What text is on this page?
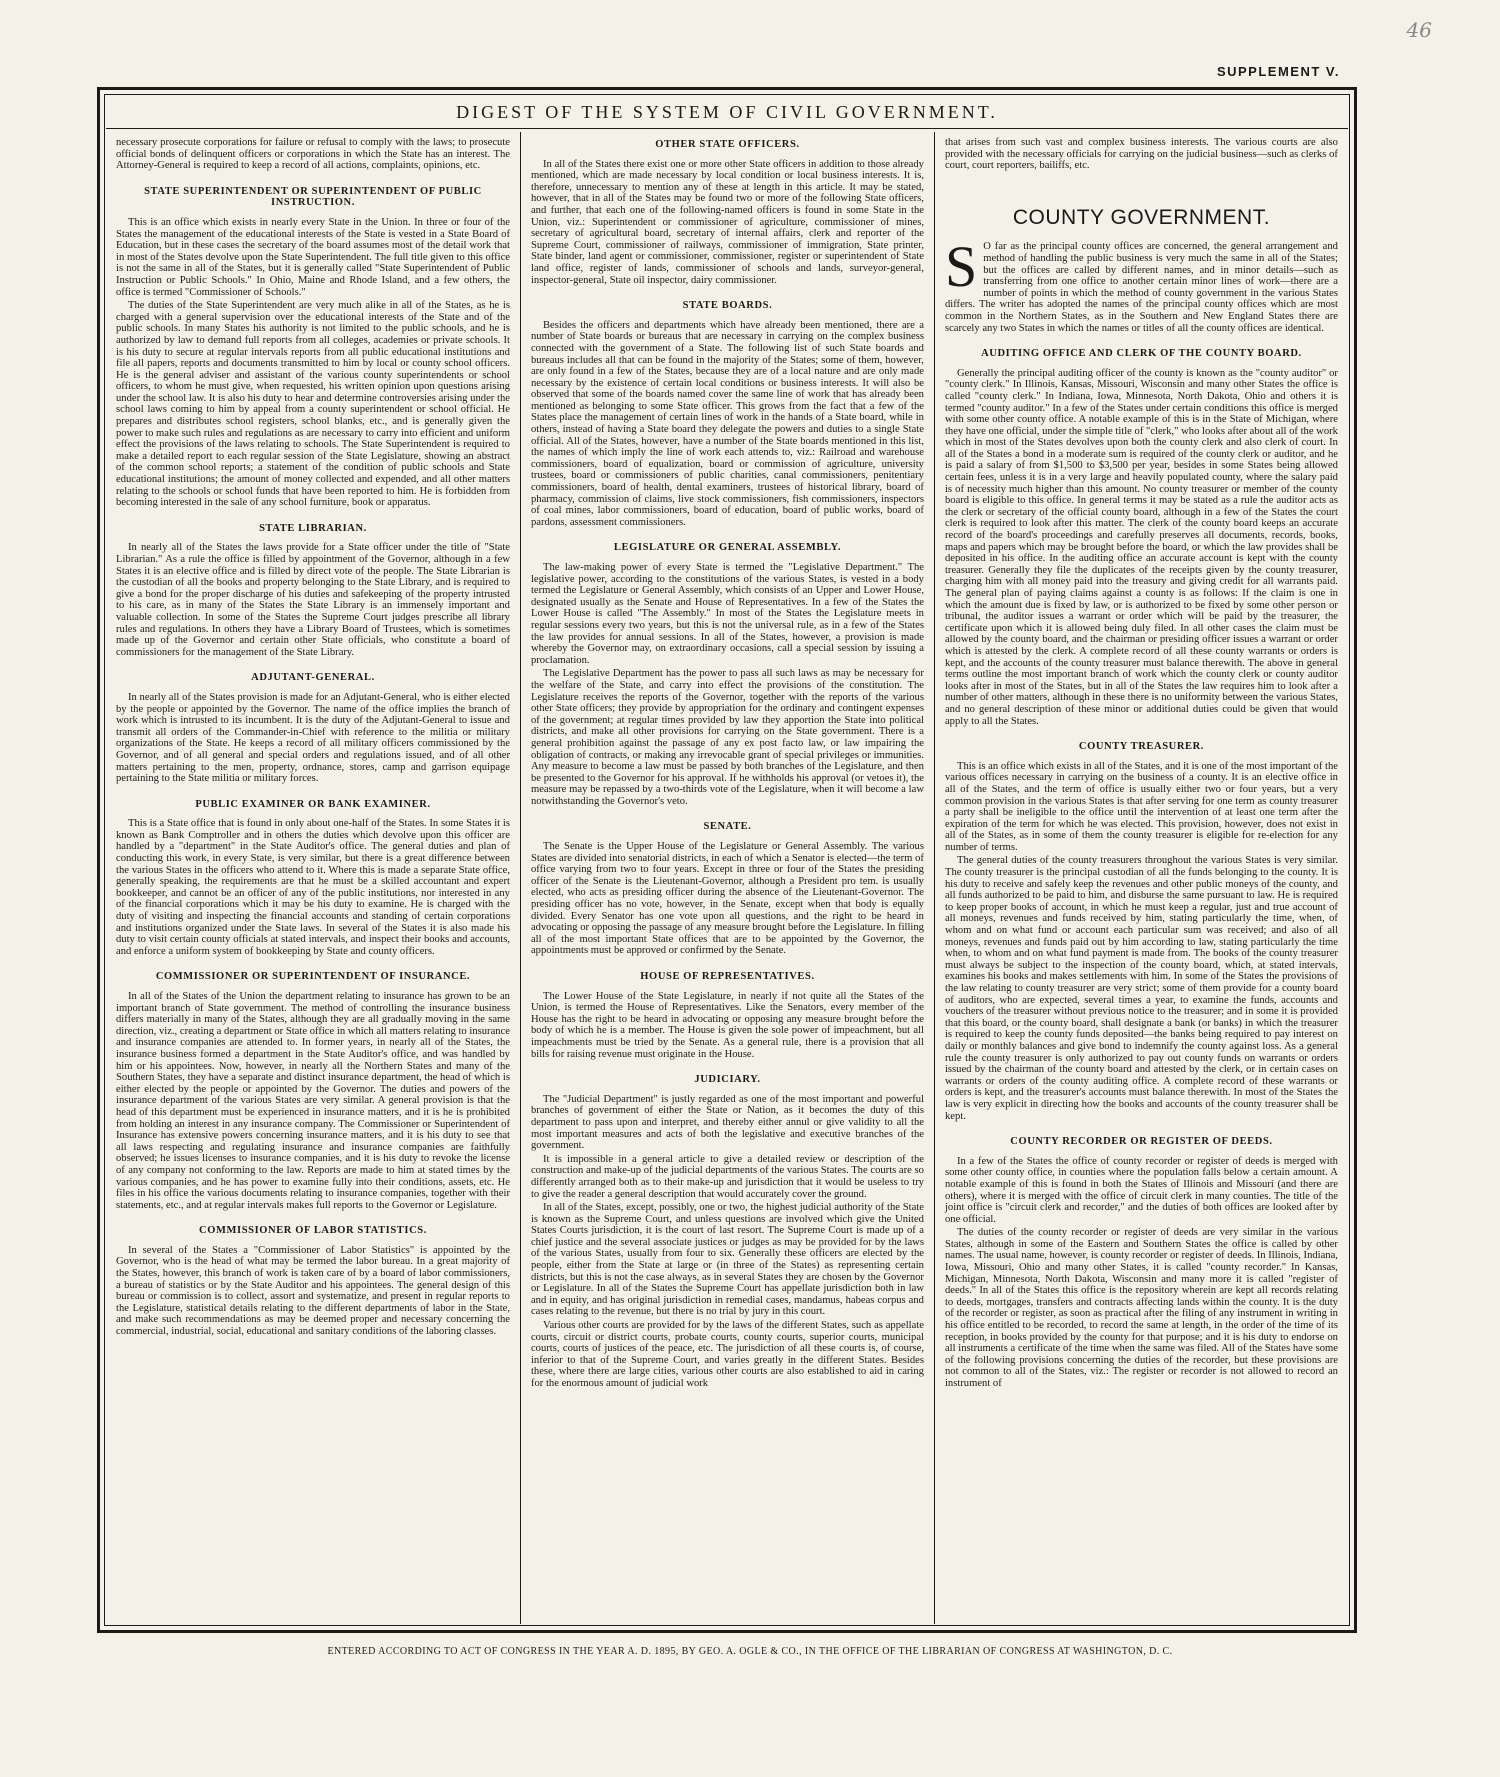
46
SUPPLEMENT V.
DIGEST OF THE SYSTEM OF CIVIL GOVERNMENT.

necessary prosecute corporations for failure or refusal to comply with the laws; to prosecute official bonds of delinquent officers or corporations in which the State has an interest. The Attorney-General is required to keep a record of all actions, complaints, opinions, etc.

STATE SUPERINTENDENT OR SUPERINTENDENT OF PUBLIC INSTRUCTION.

This is an office which exists in nearly every State in the Union. In three or four of the States the management of the educational interests of the State is vested in a State Board of Education, but in these cases the secretary of the board assumes most of the detail work that in most of the States devolve upon the State Superintendent. The full title given to this office is not the same in all of the States, but it is generally called "State Superintendent of Public Instruction or Public Schools." In Ohio, Maine and Rhode Island, and a few others, the office is termed "Commissioner of Schools."

The duties of the State Superintendent are very much alike in all of the States, as he is charged with a general supervision over the educational interests of the State and of the public schools. In many States his authority is not limited to the public schools, and he is authorized by law to demand full reports from all colleges, academies or private schools. It is his duty to secure at regular intervals reports from all public educational institutions and file all papers, reports and documents transmitted to him by local or county school officers. He is the general adviser and assistant of the various county superintendents or school officers, to whom he must give, when requested, his written opinion upon questions arising under the school law. It is also his duty to hear and determine controversies arising under the school laws coming to him by appeal from a county superintendent or school official. He prepares and distributes school registers, school blanks, etc., and is generally given the power to make such rules and regulations as are necessary to carry into efficient and uniform effect the provisions of the laws relating to schools. The State Superintendent is required to make a detailed report to each regular session of the State Legislature, showing an abstract of the common school reports; a statement of the condition of public schools and State educational institutions; the amount of money collected and expended, and all other matters relating to the schools or school funds that have been reported to him. He is forbidden from becoming interested in the sale of any school furniture, book or apparatus.

STATE LIBRARIAN.

In nearly all of the States the laws provide for a State officer under the title of "State Librarian." As a rule the office is filled by appointment of the Governor, although in a few States it is an elective office and is filled by direct vote of the people. The State Librarian is the custodian of all the books and property belonging to the State Library, and is required to give a bond for the proper discharge of his duties and safekeeping of the property intrusted to his care, as in many of the States the State Library is an immensely important and valuable collection. In some of the States the Supreme Court judges prescribe all library rules and regulations. In others they have a Library Board of Trustees, which is sometimes made up of the Governor and certain other State officials, who constitute a board of commissioners for the management of the State Library.

ADJUTANT-GENERAL.

In nearly all of the States provision is made for an Adjutant-General, who is either elected by the people or appointed by the Governor. The name of the office implies the branch of work which is intrusted to its incumbent. It is the duty of the Adjutant-General to issue and transmit all orders of the Commander-in-Chief with reference to the militia or military organizations of the State. He keeps a record of all military officers commissioned by the Governor, and of all general and special orders and regulations issued, and of all other matters pertaining to the men, property, ordnance, stores, camp and garrison equipage pertaining to the State militia or military forces.

PUBLIC EXAMINER OR BANK EXAMINER.

This is a State office that is found in only about one-half of the States. In some States it is known as Bank Comptroller and in others the duties which devolve upon this officer are handled by a "department" in the State Auditor's office. The general duties and plan of conducting this work, in every State, is very similar, but there is a great difference between the various States in the officers who attend to it. Where this is made a separate State office, generally speaking, the requirements are that he must be a skilled accountant and expert bookkeeper, and cannot be an officer of any of the public institutions, nor interested in any of the financial corporations which it may be his duty to examine. He is charged with the duty of visiting and inspecting the financial accounts and standing of certain corporations and institutions organized under the State laws. In several of the States it is also made his duty to visit certain county officials at stated intervals, and inspect their books and accounts, and enforce a uniform system of bookkeeping by State and county officers.

COMMISSIONER OR SUPERINTENDENT OF INSURANCE.

In all of the States of the Union the department relating to insurance has grown to be an important branch of State government. The method of controlling the insurance business differs materially in many of the States, although they are all gradually moving in the same direction, viz., creating a department or State office in which all matters relating to insurance and insurance companies are attended to. In former years, in nearly all of the States, the insurance business formed a department in the State Auditor's office, and was handled by him or his appointees. Now, however, in nearly all the Northern States and many of the Southern States, they have a separate and distinct insurance department, the head of which is either elected by the people or appointed by the Governor. The duties and powers of the insurance department of the various States are very similar. A general provision is that the head of this department must be experienced in insurance matters, and it is he is prohibited from holding an interest in any insurance company. The Commissioner or Superintendent of Insurance has extensive powers concerning insurance matters, and it is his duty to see that all laws respecting and regulating insurance and insurance companies are faithfully observed; he issues licenses to insurance companies, and it is his duty to revoke the license of any company not conforming to the law. Reports are made to him at stated times by the various companies, and he has power to examine fully into their conditions, assets, etc. He files in his office the various documents relating to insurance companies, together with their statements, etc., and at regular intervals makes full reports to the Governor or Legislature.

COMMISSIONER OF LABOR STATISTICS.

In several of the States a "Commissioner of Labor Statistics" is appointed by the Governor, who is the head of what may be termed the labor bureau. In a great majority of the States, however, this branch of work is taken care of by a board of labor commissioners, a bureau of statistics or by the State Auditor and his appointees. The general design of this bureau or commission is to collect, assort and systematize, and present in regular reports to the Legislature, statistical details relating to the different departments of labor in the State, and make such recommendations as may be deemed proper and necessary concerning the commercial, industrial, social, educational and sanitary conditions of the laboring classes.

OTHER STATE OFFICERS.

In all of the States there exist one or more other State officers in addition to those already mentioned, which are made necessary by local condition or local business interests. It is, therefore, unnecessary to mention any of these at length in this article. It may be stated, however, that in all of the States may be found two or more of the following State officers, and further, that each one of the following-named officers is found in some State in the Union, viz.: Superintendent or commissioner of agriculture, commissioner of mines, secretary of agricultural board, secretary of internal affairs, clerk and reporter of the Supreme Court, commissioner of railways, commissioner of immigration, State printer, State binder, land agent or commissioner, commissioner, register or superintendent of State land office, register of lands, commissioner of schools and lands, surveyor-general, inspector-general, State oil inspector, dairy commissioner.

STATE BOARDS.

Besides the officers and departments which have already been mentioned, there are a number of State boards or bureaus that are necessary in carrying on the complex business connected with the government of a State. The following list of such State boards and bureaus includes all that can be found in the majority of the States; some of them, however, are only found in a few of the States, because they are of a local nature and are only made necessary by the existence of certain local conditions or business interests. It will also be observed that some of the boards named cover the same line of work that has already been mentioned as belonging to some State officer. This grows from the fact that a few of the States place the management of certain lines of work in the hands of a State board, while in others, instead of having a State board they delegate the powers and duties to a single State official. All of the States, however, have a number of the State boards mentioned in this list, the names of which imply the line of work each attends to, viz.: Railroad and warehouse commissioners, board of equalization, board or commission of agriculture, university trustees, board or commissioners of public charities, canal commissioners, penitentiary commissioners, board of health, dental examiners, trustees of historical library, board of pharmacy, commission of claims, live stock commissioners, fish commissioners, inspectors of coal mines, labor commissioners, board of education, board of public works, board of pardons, assessment commissioners.

LEGISLATURE OR GENERAL ASSEMBLY.

The law-making power of every State is termed the "Legislative Department." The legislative power, according to the constitutions of the various States, is vested in a body termed the Legislature or General Assembly, which consists of an Upper and Lower House, designated usually as the Senate and House of Representatives. In a few of the States the Lower House is called "The Assembly." In most of the States the Legislature meets in regular sessions every two years, but this is not the universal rule, as in a few of the States the law provides for annual sessions. In all of the States, however, a provision is made whereby the Governor may, on extraordinary occasions, call a special session by issuing a proclamation.

The Legislative Department has the power to pass all such laws as may be necessary for the welfare of the State, and carry into effect the provisions of the constitution. The Legislature receives the reports of the Governor, together with the reports of the various other State officers; they provide by appropriation for the ordinary and contingent expenses of the government; at regular times provided by law they apportion the State into political districts, and make all other provisions for carrying on the State government. There is a general prohibition against the passage of any ex post facto law, or law impairing the obligation of contracts, or making any irrevocable grant of special privileges or immunities. Any measure to become a law must be passed by both branches of the Legislature, and then be presented to the Governor for his approval. If he withholds his approval (or vetoes it), the measure may be repassed by a two-thirds vote of the Legislature, when it will become a law notwithstanding the Governor's veto.

SENATE.

The Senate is the Upper House of the Legislature or General Assembly. The various States are divided into senatorial districts, in each of which a Senator is elected—the term of office varying from two to four years. Except in three or four of the States the presiding officer of the Senate is the Lieutenant-Governor, although a President pro tem. is usually elected, who acts as presiding officer during the absence of the Lieutenant-Governor. The presiding officer has no vote, however, in the Senate, except when that body is equally divided. Every Senator has one vote upon all questions, and the right to be heard in advocating or opposing the passage of any measure brought before the Legislature. In filling all of the most important State offices that are to be appointed by the Governor, the appointments must be approved or confirmed by the Senate.

HOUSE OF REPRESENTATIVES.

The Lower House of the State Legislature, in nearly if not quite all the States of the Union, is termed the House of Representatives. Like the Senators, every member of the House has the right to be heard in advocating or opposing any measure brought before the body of which he is a member. The House is given the sole power of impeachment, but all impeachments must be tried by the Senate. As a general rule, there is a provision that all bills for raising revenue must originate in the House.

JUDICIARY.

The "Judicial Department" is justly regarded as one of the most important and powerful branches of government of either the State or Nation, as it becomes the duty of this department to pass upon and interpret, and thereby either annul or give validity to all the most important measures and acts of both the legislative and executive branches of the government.

It is impossible in a general article to give a detailed review or description of the construction and make-up of the judicial departments of the various States. The courts are so differently arranged both as to their make-up and jurisdiction that it would be useless to try to give the reader a general description that would accurately cover the ground.

In all of the States, except, possibly, one or two, the highest judicial authority of the State is known as the Supreme Court, and unless questions are involved which give the United States Courts jurisdiction, it is the court of last resort. The Supreme Court is made up of a chief justice and the several associate justices or judges as may be provided for by the laws of the various States, usually from four to six. Generally these officers are elected by the people, either from the State at large or (in three of the States) as representing certain districts, but this is not the case always, as in several States they are chosen by the Governor or Legislature. In all of the States the Supreme Court has appellate jurisdiction both in law and in equity, and has original jurisdiction in remedial cases, mandamus, habeas corpus and cases relating to the revenue, but there is no trial by jury in this court.

Various other courts are provided for by the laws of the different States, such as appellate courts, circuit or district courts, probate courts, county courts, superior courts, municipal courts, courts of justices of the peace, etc. The jurisdiction of all these courts is, of course, inferior to that of the Supreme Court, and varies greatly in the different States. Besides these, where there are large cities, various other courts are also established to aid in caring for the enormous amount of judicial work

that arises from such vast and complex business interests. The various courts are also provided with the necessary officials for carrying on the judicial business—such as clerks of court, court reporters, bailiffs, etc.

COUNTY GOVERNMENT.

S O far as the principal county offices are concerned, the general arrangement and method of handling the public business is very much the same in all of the States; but the offices are called by different names, and in minor details—such as transferring from one office to another certain minor lines of work—there are a number of points in which the method of county government in the various States differs. The writer has adopted the names of the principal county offices which are most common in the Northern States, as in the Southern and New England States there are scarcely any two States in which the names or titles of all the county offices are identical.

AUDITING OFFICE AND CLERK OF THE COUNTY BOARD.

Generally the principal auditing officer of the county is known as the "county auditor" or "county clerk." In Illinois, Kansas, Missouri, Wisconsin and many other States the office is called "county clerk." In Indiana, Iowa, Minnesota, North Dakota, Ohio and others it is termed "county auditor." In a few of the States under certain conditions this office is merged with some other county office. A notable example of this is in the State of Michigan, where they have one official, under the simple title of "clerk," who looks after about all of the work which in most of the States devolves upon both the county clerk and also clerk of court. In all of the States a bond in a moderate sum is required of the county clerk or auditor, and he is paid a salary of from $1,500 to $3,500 per year, besides in some States being allowed certain fees, unless it is in a very large and heavily populated county, where the salary paid is of necessity much higher than this amount. No county treasurer or member of the county board is eligible to this office. In general terms it may be stated as a rule the auditor acts as the clerk or secretary of the official county board, although in a few of the States the court clerk is required to look after this matter. The clerk of the county board keeps an accurate record of the board's proceedings and carefully preserves all documents, records, books, maps and papers which may be brought before the board, or which the law provides shall be deposited in his office. In the auditing office an accurate account is kept with the county treasurer. Generally they file the duplicates of the receipts given by the county treasurer, charging him with all money paid into the treasury and giving credit for all warrants paid. The general plan of paying claims against a county is as follows: If the claim is one in which the amount due is fixed by law, or is authorized to be fixed by some other person or tribunal, the auditor issues a warrant or order which will be paid by the treasurer, the certificate upon which it is allowed being duly filed. In all other cases the claim must be allowed by the county board, and the chairman or presiding officer issues a warrant or order which is attested by the clerk. A complete record of all these county warrants or orders is kept, and the accounts of the county treasurer must balance therewith. The above in general terms outline the most important branch of work which the county clerk or county auditor looks after in most of the States, but in all of the States the law requires him to look after a number of other matters, although in these there is no uniformity between the various States, and no general description of these minor or additional duties could be given that would apply to all the States.

COUNTY TREASURER.

This is an office which exists in all of the States, and it is one of the most important of the various offices necessary in carrying on the business of a county. It is an elective office in all of the States, and the term of office is usually either two or four years, but a very common provision in the various States is that after serving for one term as county treasurer a party shall be ineligible to the office until the intervention of at least one term after the expiration of the term for which he was elected. This provision, however, does not exist in all of the States, as in some of them the county treasurer is eligible for re-election for any number of terms.

The general duties of the county treasurers throughout the various States is very similar. The county treasurer is the principal custodian of all the funds belonging to the county. It is his duty to receive and safely keep the revenues and other public moneys of the county, and all funds authorized to be paid to him, and disburse the same pursuant to law. He is required to keep proper books of account, in which he must keep a regular, just and true account of all moneys, revenues and funds received by him, stating particularly the time, when, of whom and on what fund or account each particular sum was received; and also of all moneys, revenues and funds paid out by him according to law, stating particularly the time when, to whom and on what fund payment is made from. The books of the county treasurer must always be subject to the inspection of the county board, which, at stated intervals, examines his books and makes settlements with him. In some of the States the provisions of the law relating to county treasurer are very strict; some of them provide for a county board of auditors, who are expected, several times a year, to examine the funds, accounts and vouchers of the treasurer without previous notice to the treasurer; and in some it is provided that this board, or the county board, shall designate a bank (or banks) in which the treasurer is required to keep the county funds deposited—the banks being required to pay interest on daily or monthly balances and give bond to indemnify the county against loss. As a general rule the county treasurer is only authorized to pay out county funds on warrants or orders issued by the chairman of the county board and attested by the clerk, or in certain cases on warrants or orders of the county auditing office. A complete record of these warrants or orders is kept, and the treasurer's accounts must balance therewith. In most of the States the law is very explicit in directing how the books and accounts of the county treasurer shall be kept.

COUNTY RECORDER OR REGISTER OF DEEDS.

In a few of the States the office of county recorder or register of deeds is merged with some other county office, in counties where the population falls below a certain amount. A notable example of this is found in both the States of Illinois and Missouri (and there are others), where it is merged with the office of circuit clerk in many counties. The title of the joint office is "circuit clerk and recorder," and the duties of both offices are looked after by one official.

The duties of the county recorder or register of deeds are very similar in the various States, although in some of the Eastern and Southern States the office is called by other names. The usual name, however, is county recorder or register of deeds. In Illinois, Indiana, Iowa, Missouri, Ohio and many other States, it is called "county recorder." In Kansas, Michigan, Minnesota, North Dakota, Wisconsin and many more it is called "register of deeds." In all of the States this office is the repository wherein are kept all records relating to deeds, mortgages, transfers and contracts affecting lands within the county. It is the duty of the recorder or register, as soon as practical after the filing of any instrument in writing in his office entitled to be recorded, to record the same at length, in the order of the time of its reception, in books provided by the county for that purpose; and it is his duty to endorse on all instruments a certificate of the time when the same was filed. All of the States have some of the following provisions concerning the duties of the recorder, but these provisions are not common to all of the States, viz.: The register or recorder is not allowed to record an instrument of

ENTERED ACCORDING TO ACT OF CONGRESS IN THE YEAR A. D. 1895, BY GEO. A. OGLE & CO., IN THE OFFICE OF THE LIBRARIAN OF CONGRESS AT WASHINGTON, D. C.
